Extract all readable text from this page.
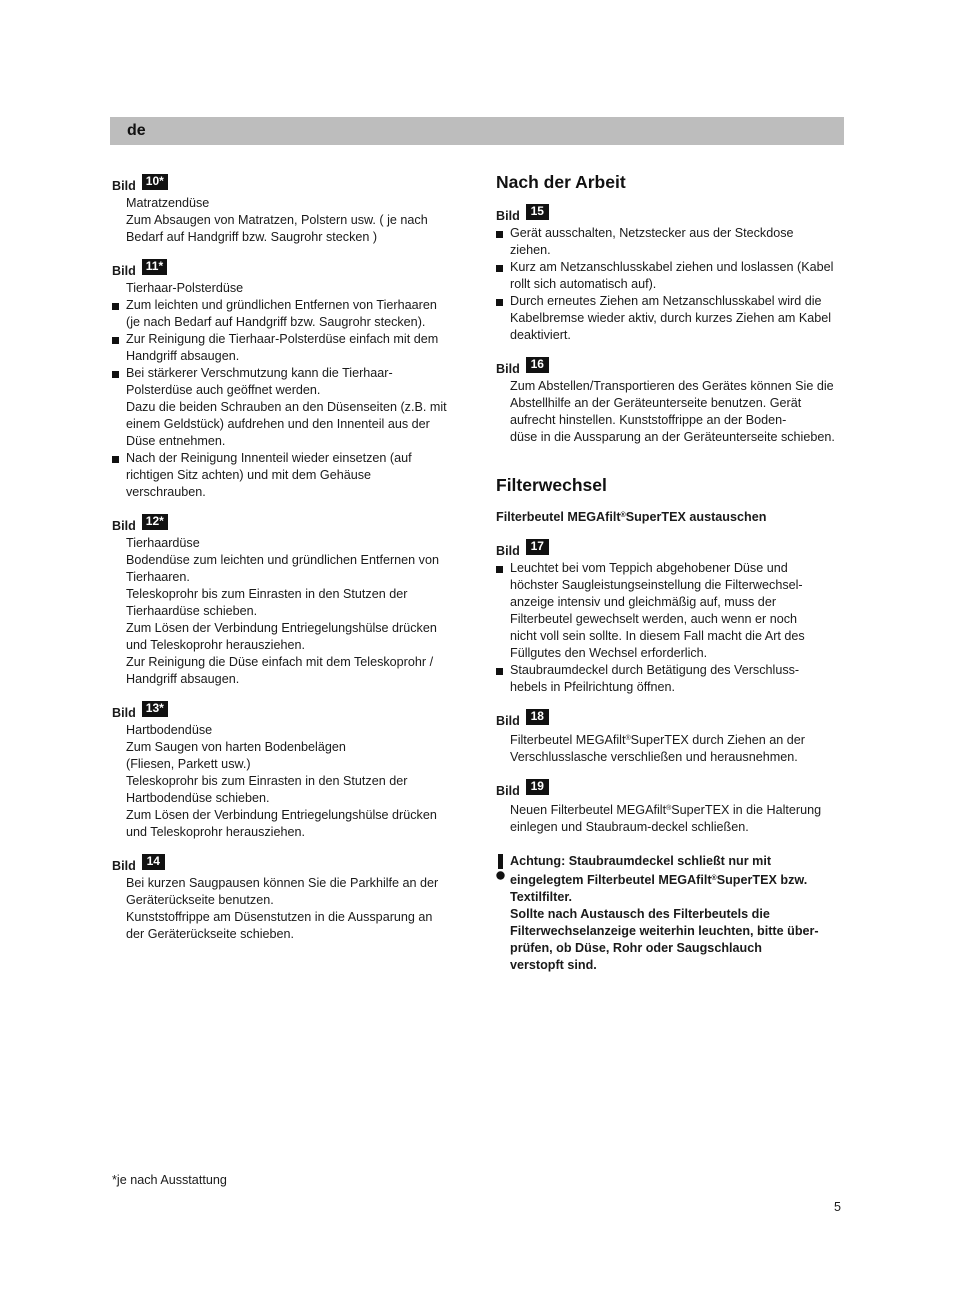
de
Bild 10*
Matratzendüse
Zum Absaugen von Matratzen, Polstern usw. ( je nach
Bedarf auf Handgriff bzw. Saugrohr stecken )
Bild 11*
Tierhaar-Polsterdüse
Zum leichten und gründlichen Entfernen von Tierhaaren
(je nach Bedarf auf Handgriff bzw. Saugrohr stecken).
Zur Reinigung die Tierhaar-Polsterdüse einfach mit dem
Handgriff absaugen.
Bei stärkerer Verschmutzung kann die Tierhaar-
Polsterdüse auch geöffnet werden.
Dazu die beiden Schrauben an den Düsenseiten (z.B. mit
einem Geldstück) aufdrehen und den Innenteil aus der
Düse entnehmen.
Nach der Reinigung Innenteil wieder einsetzen (auf
richtigen Sitz achten) und mit dem Gehäuse
verschrauben.
Bild 12*
Tierhaardüse
Bodendüse zum leichten und gründlichen Entfernen von
Tierhaaren.
Teleskoprohr bis zum Einrasten in den Stutzen der
Tierhaardüse schieben.
Zum Lösen der Verbindung Entriegelungshülse drücken
und Teleskoprohr herausziehen.
Zur Reinigung die Düse einfach mit dem Teleskoprohr /
Handgriff absaugen.
Bild 13*
Hartbodendüse
Zum Saugen von harten Bodenbelägen
(Fliesen, Parkett usw.)
Teleskoprohr bis zum Einrasten in den Stutzen der
Hartbodendüse schieben.
Zum Lösen der Verbindung Entriegelungshülse drücken
und Teleskoprohr herausziehen.
Bild 14
Bei kurzen Saugpausen können Sie die Parkhilfe an der
Geräterückseite benutzen.
Kunststoffrippe am Düsenstutzen in die Aussparung an
der Geräterückseite schieben.
Nach der Arbeit
Bild 15
Gerät ausschalten, Netzstecker aus der Steckdose
ziehen.
Kurz am Netzanschlusskabel ziehen und loslassen (Kabel
rollt sich automatisch auf).
Durch erneutes Ziehen am Netzanschlusskabel wird die
Kabelbremse wieder aktiv, durch kurzes Ziehen am Kabel
deaktiviert.
Bild 16
Zum Abstellen/Transportieren des Gerätes können Sie die
Abstellhilfe an der Geräteunterseite benutzen. Gerät
aufrecht hinstellen. Kunststoffrippe an der Boden-
düse in die Aussparung an der Geräteunterseite schieben.
Filterwechsel
Filterbeutel MEGAfilt®SuperTEX austauschen
Bild 17
Leuchtet bei vom Teppich abgehobener Düse und
höchster Saugleistungseinstellung die Filterwechsel-
anzeige intensiv und gleichmäßig auf, muss der
Filterbeutel gewechselt werden, auch wenn er noch
nicht voll sein sollte. In diesem Fall macht die Art des
Füllgutes den Wechsel erforderlich.
Staubraumdeckel durch Betätigung des Verschluss-
hebels in Pfeilrichtung öffnen.
Bild 18
Filterbeutel MEGAfilt®SuperTEX durch Ziehen an der
Verschlusslasche verschließen und herausnehmen.
Bild 19
Neuen Filterbeutel MEGAfilt®SuperTEX in die Halterung
einlegen und Staubraum-deckel schließen.
Achtung: Staubraumdeckel schließt nur mit
eingelegtem Filterbeutel MEGAfilt®SuperTEX bzw.
Textilfilter.
Sollte nach Austausch des Filterbeutels die
Filterwechselanzeige weiterhin leuchten, bitte über-
prüfen, ob Düse, Rohr oder Saugschlauch
verstopft sind.
*je nach Ausstattung
5
